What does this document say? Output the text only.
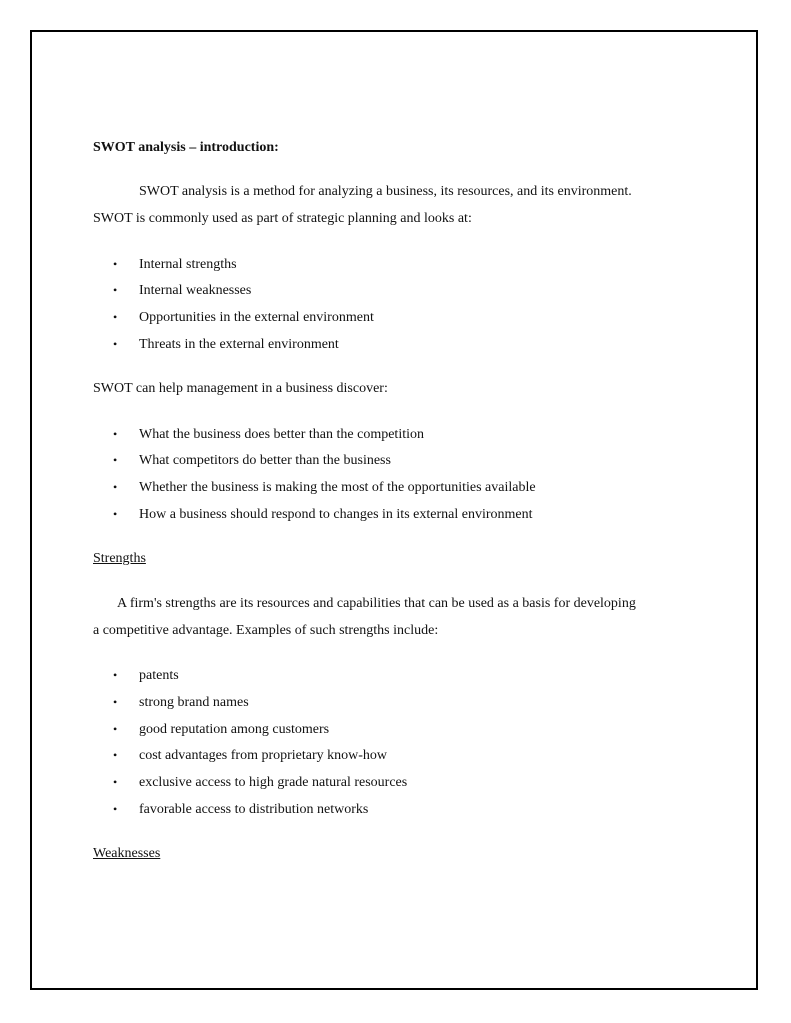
SWOT analysis – introduction:
SWOT analysis is a method for analyzing a business, its resources, and its environment.
SWOT is commonly used as part of strategic planning and looks at:
• Internal strengths
• Internal weaknesses
• Opportunities in the external environment
• Threats in the external environment
SWOT can help management in a business discover:
• What the business does better than the competition
• What competitors do better than the business
• Whether the business is making the most of the opportunities available
• How a business should respond to changes in its external environment
Strengths
A firm's strengths are its resources and capabilities that can be used as a basis for developing
a competitive advantage. Examples of such strengths include:
• patents
• strong brand names
• good reputation among customers
• cost advantages from proprietary know-how
• exclusive access to high grade natural resources
• favorable access to distribution networks
Weaknesses
